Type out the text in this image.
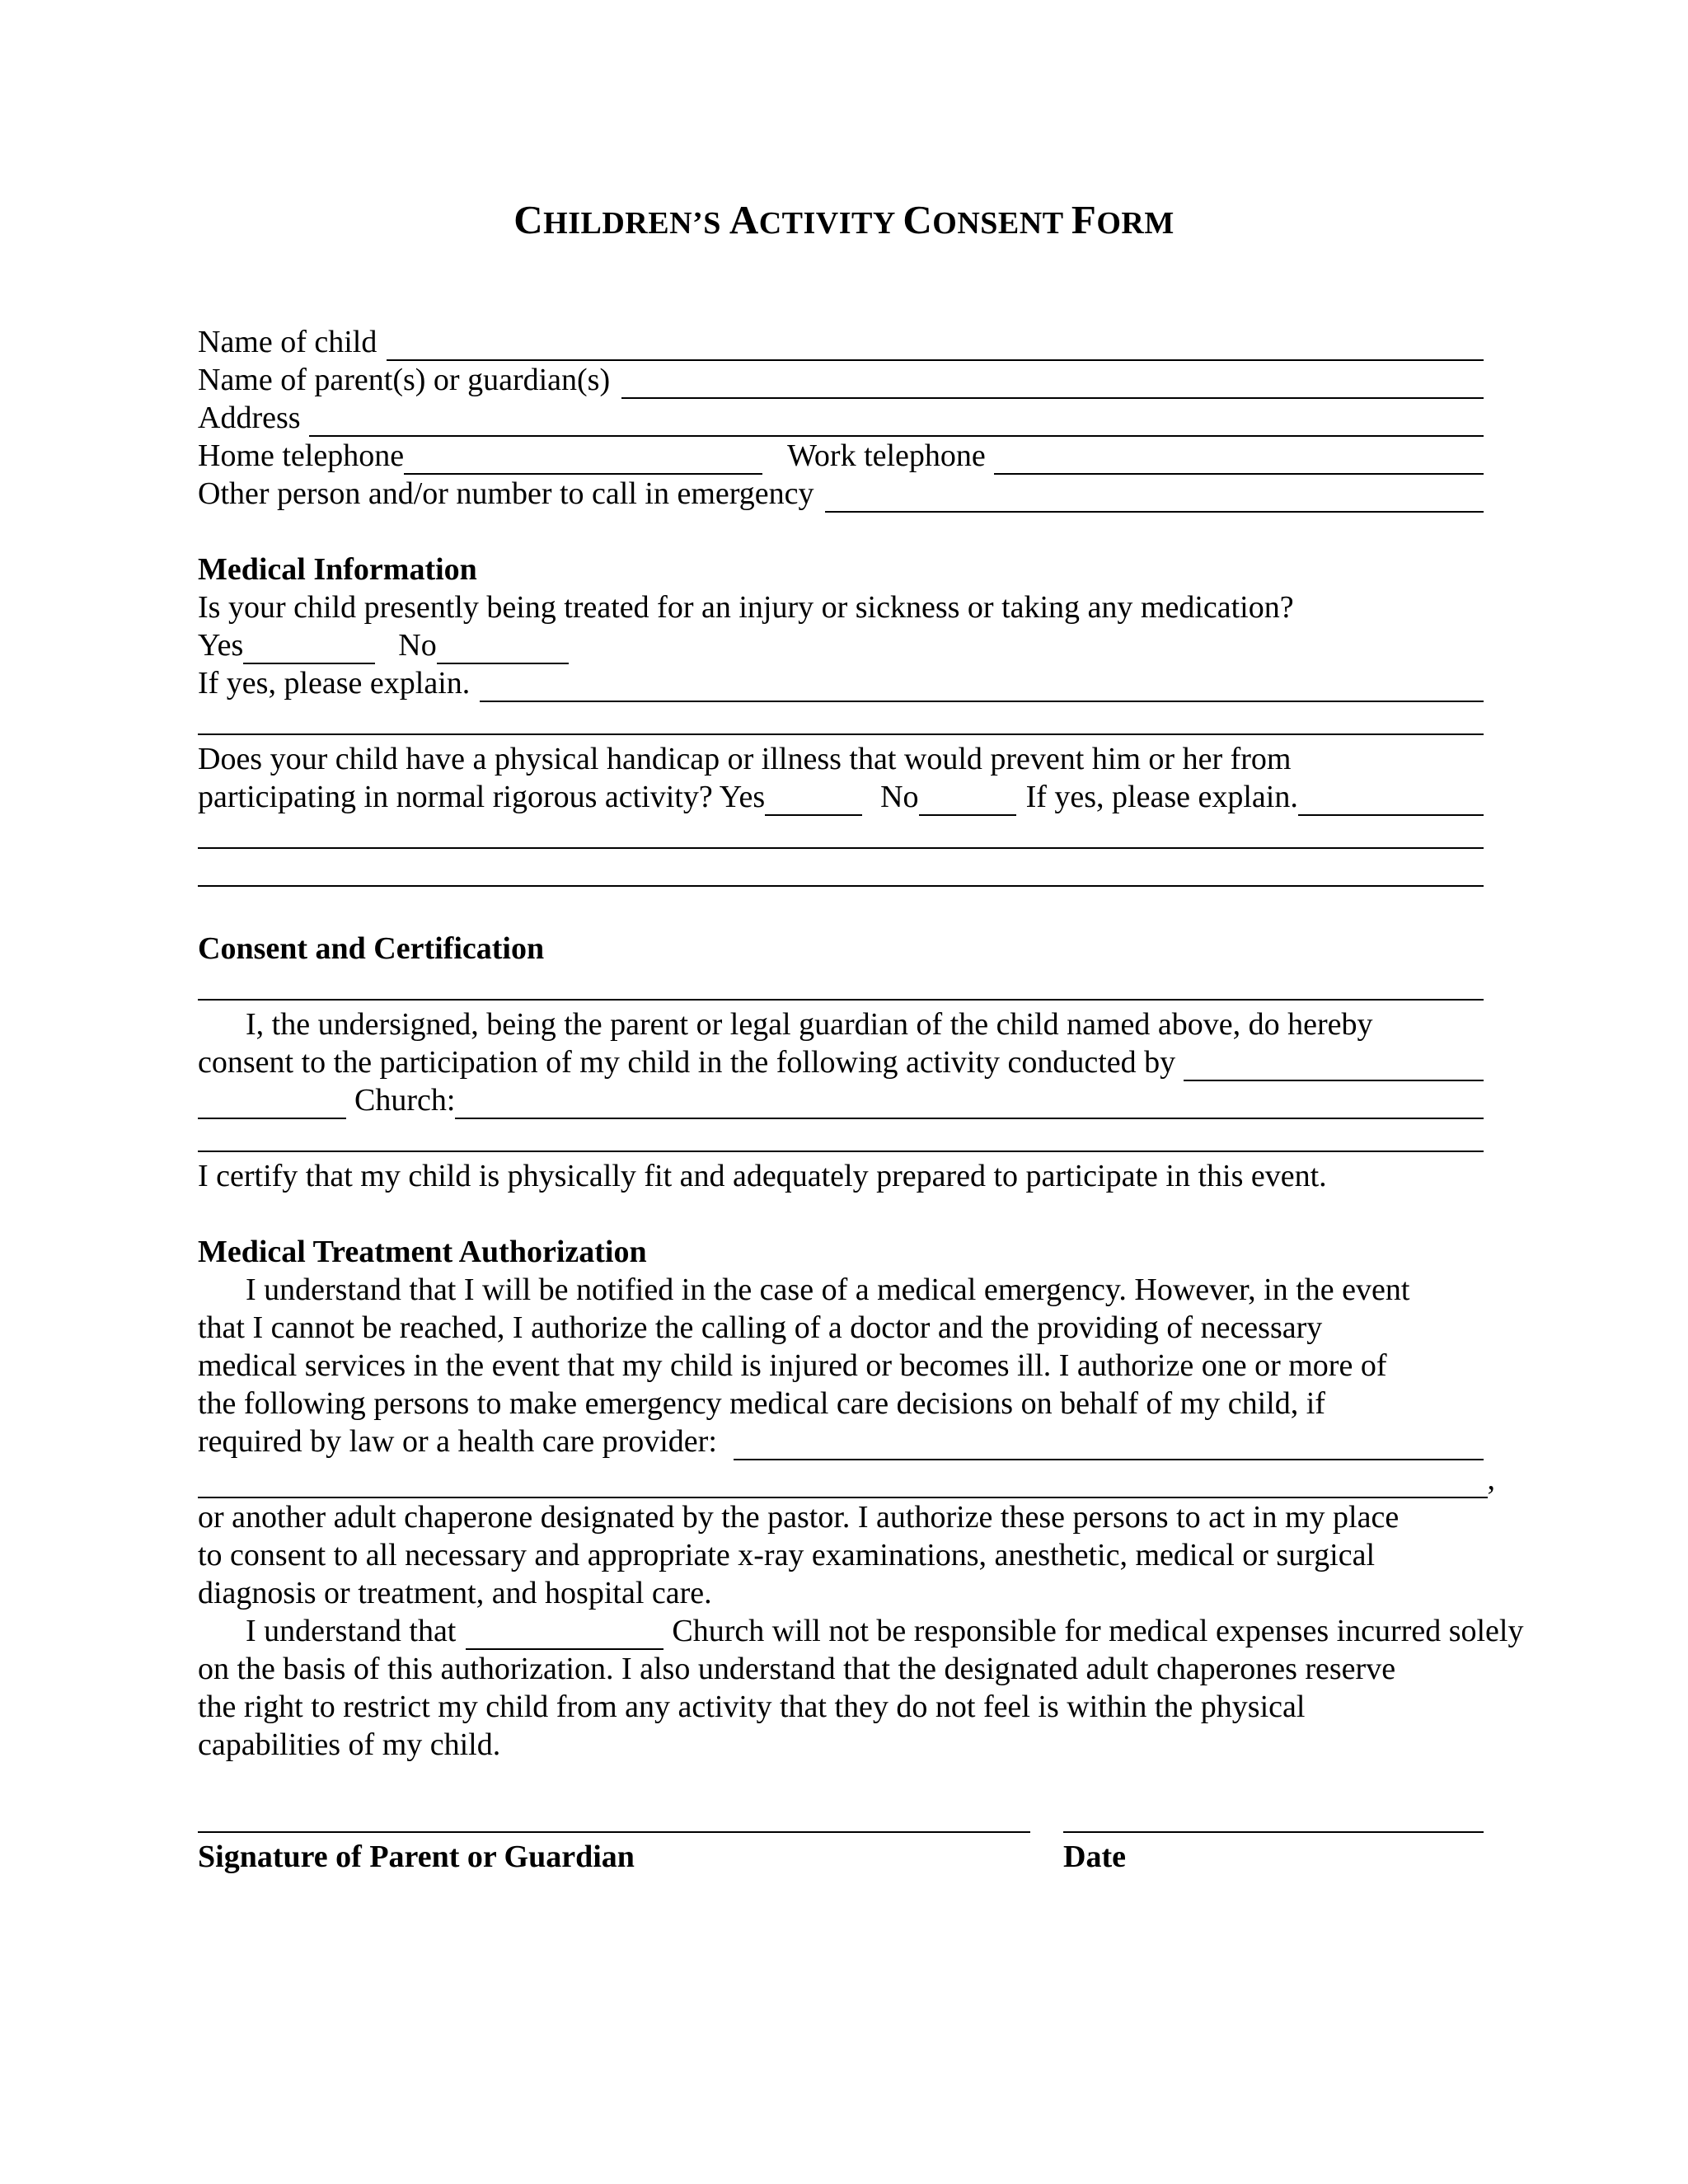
CHILDREN’S ACTIVITY CONSENT FORM
Name of child
Name of parent(s) or guardian(s)
Address
Home telephone	Work telephone
Other person and/or number to call in emergency
Medical Information
Is your child presently being treated for an injury or sickness or taking any medication?
Yes	No
If yes, please explain.
Does your child have a physical handicap or illness that would prevent him or her from
participating in normal rigorous activity? Yes	No	If yes, please explain.
Consent and Certification
I, the undersigned, being the parent or legal guardian of the child named above, do hereby
consent to the participation of my child in the following activity conducted by
Church:
I certify that my child is physically fit and adequately prepared to participate in this event.
Medical Treatment Authorization
I understand that I will be notified in the case of a medical emergency. However, in the event
that I cannot be reached, I authorize the calling of a doctor and the providing of necessary
medical services in the event that my child is injured or becomes ill. I authorize one or more of
the following persons to make emergency medical care decisions on behalf of my child, if
required by law or a health care provider:
,
or another adult chaperone designated by the pastor. I authorize these persons to act in my place
to consent to all necessary and appropriate x-ray examinations, anesthetic, medical or surgical
diagnosis or treatment, and hospital care.
I understand that	Church will not be responsible for medical expenses incurred solely
on the basis of this authorization. I also understand that the designated adult chaperones reserve
the right to restrict my child from any activity that they do not feel is within the physical
capabilities of my child.
Signature of Parent or Guardian	Date
